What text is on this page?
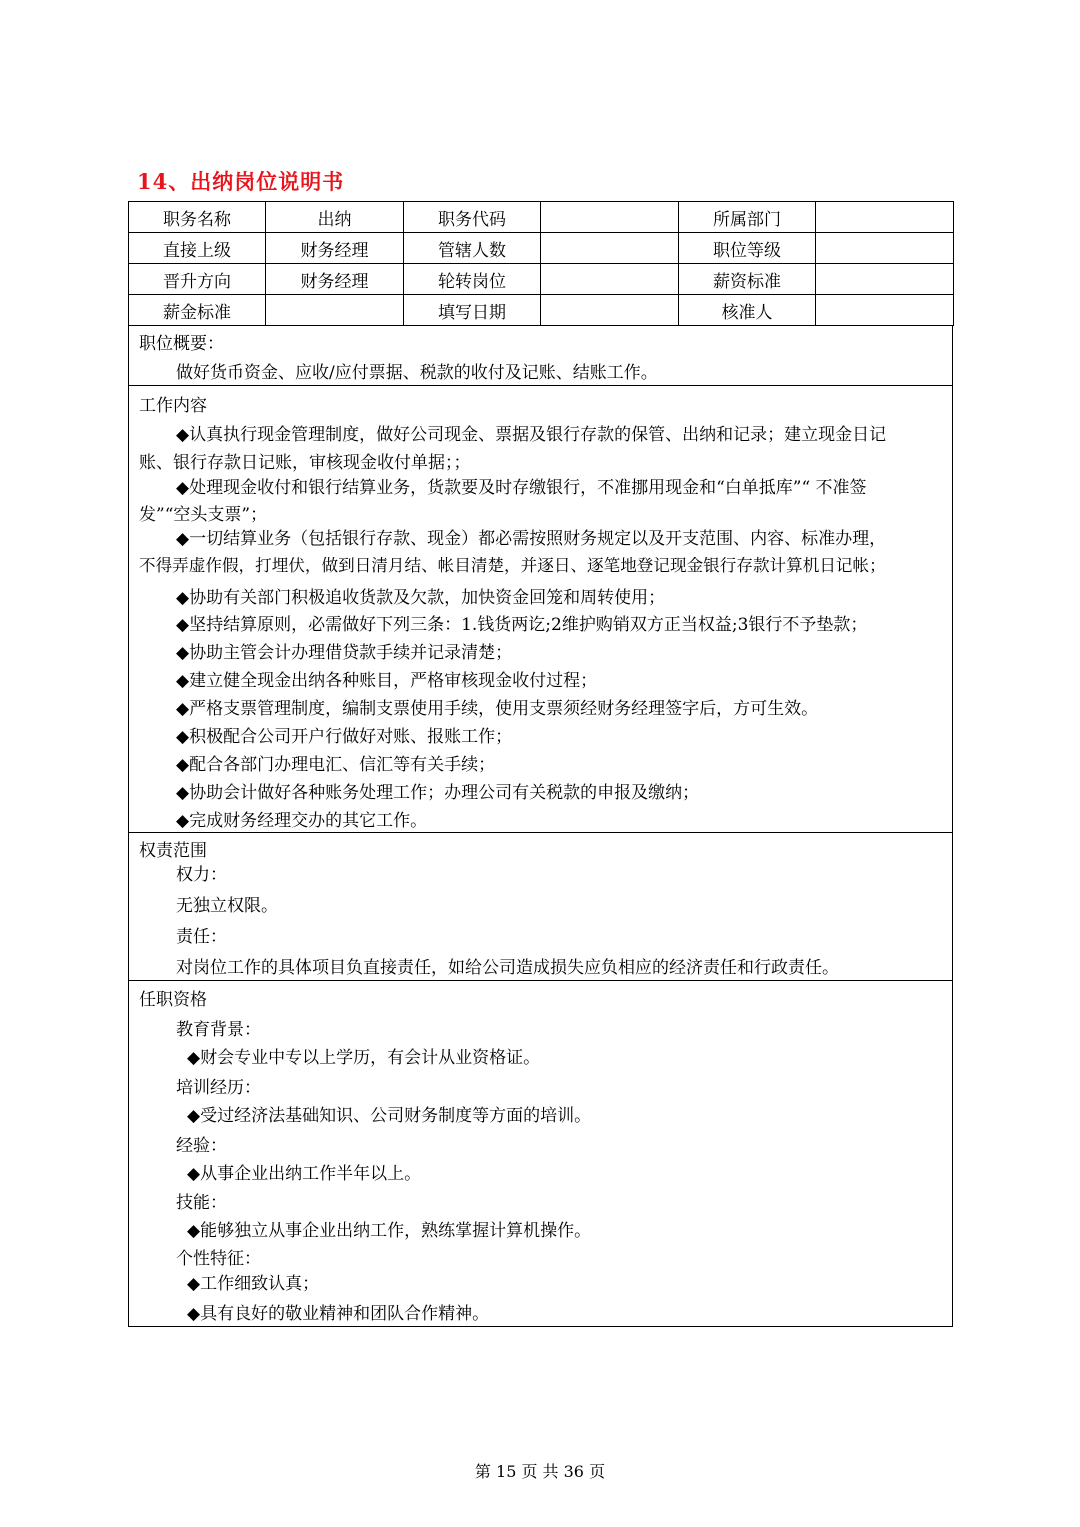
14、出纳岗位说明书
职务名称	出纳	职务代码		所属部门	
直接上级	财务经理	管辖人数		职位等级	
晋升方向	财务经理	轮转岗位		薪资标准	
薪金标准		填写日期		核准人	
职位概要：
做好货币资金、应收/应付票据、税款的收付及记账、结账工作。
工作内容
◆认真执行现金管理制度，做好公司现金、票据及银行存款的保管、出纳和记录；建立现金日记
账、银行存款日记账，审核现金收付单据；；
◆处理现金收付和银行结算业务，货款要及时存缴银行，不准挪用现金和“白单抵库”“ 不准签
发”“空头支票”；
◆一切结算业务（包括银行存款、现金）都必需按照财务规定以及开支范围、内容、标准办理，
不得弄虚作假，打埋伏，做到日清月结、帐目清楚，并逐日、逐笔地登记现金银行存款计算机日记帐；
◆协助有关部门积极追收货款及欠款，加快资金回笼和周转使用；
◆坚持结算原则，必需做好下列三条：1.钱货两讫;2维护购销双方正当权益;3银行不予垫款；
◆协助主管会计办理借贷款手续并记录清楚；
◆建立健全现金出纳各种账目，严格审核现金收付过程；
◆严格支票管理制度，编制支票使用手续，使用支票须经财务经理签字后，方可生效。
◆积极配合公司开户行做好对账、报账工作；
◆配合各部门办理电汇、信汇等有关手续；
◆协助会计做好各种账务处理工作；办理公司有关税款的申报及缴纳；
◆完成财务经理交办的其它工作。
权责范围
权力：
无独立权限。
责任：
对岗位工作的具体项目负直接责任，如给公司造成损失应负相应的经济责任和行政责任。
任职资格
教育背景：
◆财会专业中专以上学历，有会计从业资格证。
培训经历：
◆受过经济法基础知识、公司财务制度等方面的培训。
经验：
◆从事企业出纳工作半年以上。
技能：
◆能够独立从事企业出纳工作，熟练掌握计算机操作。
个性特征：
◆工作细致认真；
◆具有良好的敬业精神和团队合作精神。
第 15 页 共 36 页
